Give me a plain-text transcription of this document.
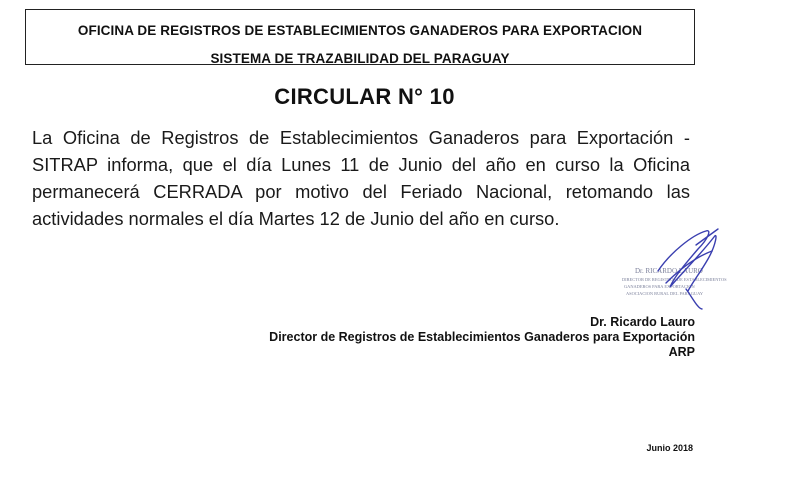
OFICINA DE REGISTROS DE ESTABLECIMIENTOS GANADEROS PARA EXPORTACION
SISTEMA DE TRAZABILIDAD DEL PARAGUAY
CIRCULAR N° 10
La Oficina de Registros de Establecimientos Ganaderos para Exportación - SITRAP informa, que el día Lunes 11 de Junio del año en curso la Oficina permanecerá CERRADA por motivo del Feriado Nacional, retomando las actividades normales el día Martes 12 de Junio del año en curso.
Dr. RICARDO LAURO
DIRECTOR DE REGISTROS DE ESTABLECIMIENTOS
GANADEROS PARA EXPORTACION
ASOCIACION RURAL DEL PARAGUAY
Dr. Ricardo Lauro
Director de Registros de Establecimientos Ganaderos para Exportación
ARP
Junio 2018
